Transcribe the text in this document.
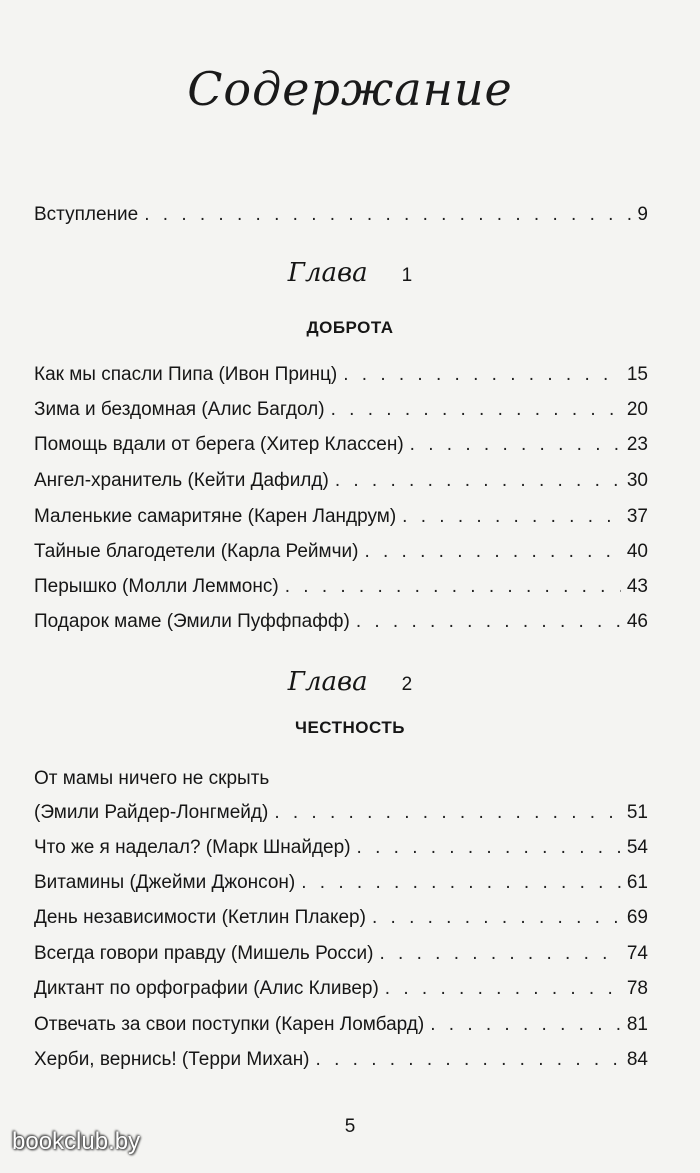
Содержание
Вступление . . .	9
Глава 1
ДОБРОТА
Как мы спасли Пипа (Ивон Принц) . . .	15
Зима и бездомная (Алис Багдол) . . .	20
Помощь вдали от берега (Хитер Классен) . . .	23
Ангел-хранитель (Кейти Дафилд) . . .	30
Маленькие самаритяне (Карен Ландрум) . . .	37
Тайные благодетели (Карла Реймчи) . . .	40
Перышко (Молли Леммонс) . . .	43
Подарок маме (Эмили Пуффпафф) . . .	46
Глава 2
ЧЕСТНОСТЬ
От мамы ничего не скрыть
(Эмили Райдер-Лонгмейд) . . .	51
Что же я наделал? (Марк Шнайдер) . . .	54
Витамины (Джейми Джонсон) . . .	61
День независимости (Кетлин Плакер) . . .	69
Всегда говори правду (Мишель Росси) . . .	74
Диктант по орфографии (Алис Кливер) . . .	78
Отвечать за свои поступки (Карен Ломбард) . . .	81
Херби, вернись! (Терри Михан) . . .	84
5
bookclub.by
